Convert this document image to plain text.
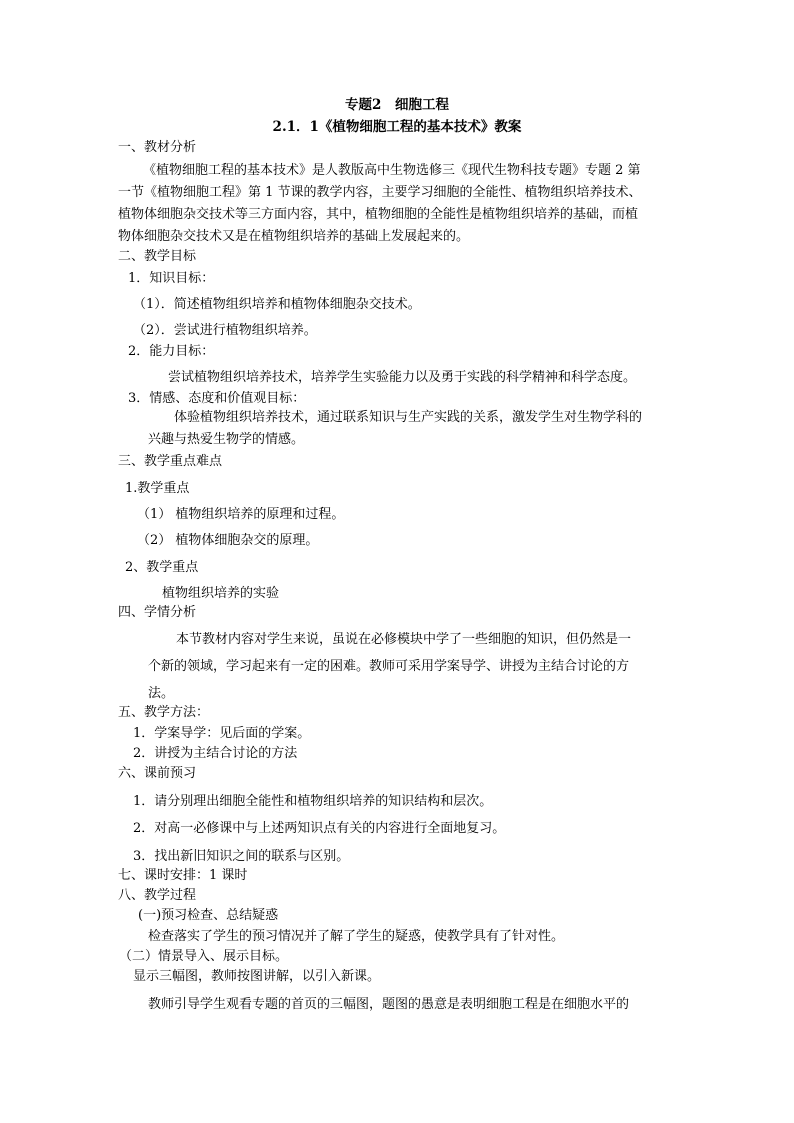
专题2　细胞工程
2.1．1《植物细胞工程的基本技术》教案
一、教材分析
《植物细胞工程的基本技术》是人教版高中生物选修三《现代生物科技专题》专题 2 第
一节《植物细胞工程》第 1 节课的教学内容，主要学习细胞的全能性、植物组织培养技术、
植物体细胞杂交技术等三方面内容，其中，植物细胞的全能性是植物组织培养的基础，而植
物体细胞杂交技术又是在植物组织培养的基础上发展起来的。
二、教学目标
1．知识目标：
（1）．简述植物组织培养和植物体细胞杂交技术。
（2）．尝试进行植物组织培养。
2．能力目标：
尝试植物组织培养技术，培养学生实验能力以及勇于实践的科学精神和科学态度。
3．情感、态度和价值观目标：
体验植物组织培养技术，通过联系知识与生产实践的关系，激发学生对生物学科的
兴趣与热爱生物学的情感。
三、教学重点难点
1.教学重点
（1） 植物组织培养的原理和过程。
（2） 植物体细胞杂交的原理。
2、教学重点
植物组织培养的实验
四、学情分析
本节教材内容对学生来说，虽说在必修模块中学了一些细胞的知识，但仍然是一
个新的领域，学习起来有一定的困难。教师可采用学案导学、讲授为主结合讨论的方
法。
五、教学方法：
1．学案导学：见后面的学案。
2．讲授为主结合讨论的方法
六、课前预习
1．请分别理出细胞全能性和植物组织培养的知识结构和层次。
2．对高一必修课中与上述两知识点有关的内容进行全面地复习。
3．找出新旧知识之间的联系与区别。
七、课时安排：1 课时
八、教学过程
(一)预习检查、总结疑惑
检查落实了学生的预习情况并了解了学生的疑惑，使教学具有了针对性。
（二）情景导入、展示目标。
显示三幅图，教师按图讲解，以引入新课。
教师引导学生观看专题的首页的三幅图，题图的愚意是表明细胞工程是在细胞水平的
